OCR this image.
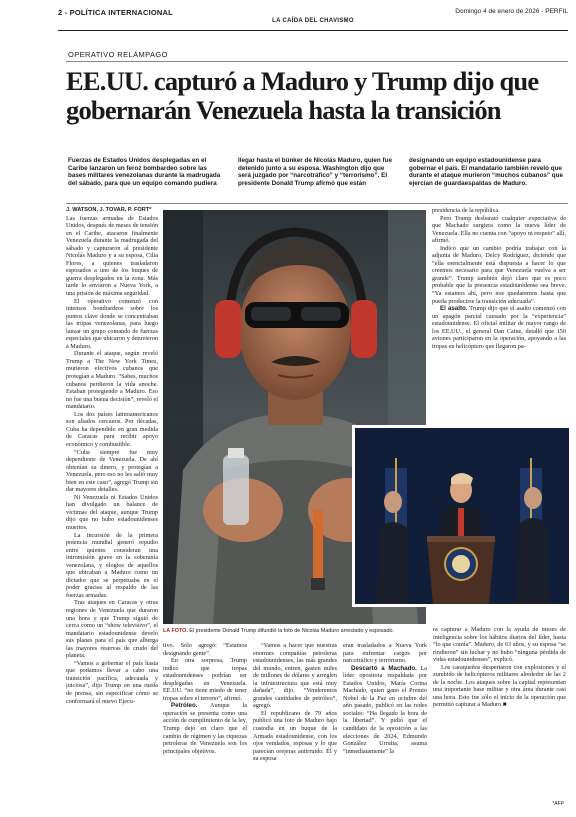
2 - POLÍTICA INTERNACIONAL
LA CAÍDA DEL CHAVISMO
Domingo 4 de enero de 2026 - PERFIL
OPERATIVO RELÁMPAGO
EE.UU. capturó a Maduro y Trump dijo que gobernarán Venezuela hasta la transición
Fuerzas de Estados Unidos desplegadas en el Caribe lanzaron un feroz bombardeo sobre las bases militares venezolanas durante la madrugada del sábado, para que un equipo comando pudiera
llegar hasta el búnker de Nicolás Maduro, quien fue detenido junto a su esposa. Washington dijo que será juzgado por “narcotráfico” y “terrorismo”. El presidente Donald Trump afirmó que están
designando un equipo estadounidense para gobernar el país. El mandatario también reveló que durante el ataque murieron “muchos cubanos” que ejercían de guardaespaldas de Maduro.

J. WATSON, J. TOVAR, P. FORT*

Las fuerzas armadas de Estados Unidos, después de meses de tensión en el Caribe, atacaron finalmente Venezuela durante la madrugada del sábado y capturaron al presidente Nicolás Maduro y a su esposa, Cilia Flores, a quienes trasladaron esposados a uno de los buques de guerra desplegados en la zona. Más tarde lo enviaron a Nueva York, a una prisión de máxima seguridad.

El operativo comenzó con intensos bombardeos sobre los puntos clave donde se concentraban las tropas venezolanas, para luego lanzar un grupo comando de fuerzas especiales que ubicaron y detuvieron a Maduro.

Durante el ataque, según reveló Trump a The New York Times, murieron efectivos cubanos que protegían a Maduro. “Sabes, muchos cubanos perdieron la vida anoche. Estaban protegiendo a Maduro. Eso no fue una buena decisión”, reveló el mandatario.

Los dos países latinoamericanos son aliados cercanos. Por décadas, Cuba ha dependido en gran medida de Caracas para recibir apoyo económico y combustible.

“Cuba siempre fue muy dependiente de Venezuela. De ahí obtenían su dinero, y protegían a Venezuela, pero eso no les salió muy bien en este caso”, agregó Trump sin dar mayores detalles.

Ni Venezuela ni Estados Unidos han divulgado un balance de víctimas del ataque, aunque Trump dijo que no hubo estadounidenses muertos.

La incursión de la primera potencia mundial generó repudio entre quienes consideran una intromisión grave en la soberanía venezolana, y elogios de aquellos que ubicaban a Maduro como un dictador que se perpetuaba en el poder gracias al respaldo de las fuerzas armadas.

Tras ataques en Caracas y otras regiones de Venezuela que duraron una hora y que Trump siguió de cerca como un “show televisivo”, el mandatario estadounidense develó sus planes para el país que alberga las mayores reservas de crudo del planeta.

“Vamos a gobernar el país hasta que podamos llevar a cabo una transición pacífica, adecuada y juiciosa”, dijo Trump en una rueda de prensa, sin especificar cómo se conformará el nuevo Ejecu-

LA FOTO. El presidente Donald Trump difundió la foto de Nicolás Maduro arrestado y esposado.

presidencia de la república.

Pero Trump desbarató cualquier expectativa de que Machado surgiera como la nueva líder de Venezuela. Ella no cuenta con “apoyo ni respeto” allí, afirmó.

Indicó que un cambio podría trabajar con la adjunta de Maduro, Delcy Rodríguez, diciendo que “ella esencialmente está dispuesta a hacer lo que creemos necesario para que Venezuela vuelva a ser grande”. Trump también dejó claro que es poco probable que la presencia estadounidense sea breve. “Ya estamos ahí, pero nos quedaremos hasta que pueda producirse la transición adecuada”.

El asalto. Trump dijo que el asalto comenzó con un apagón parcial causado por la “experiencia” estadounidense. El oficial militar de mayor rango de los EE.UU., el general Dan Caine, detalló que 150 aviones participaron en la operación, apoyando a las tropas en helicóptero que llegaron pa-

tivo. Sólo agregó: “Estamos designando gente”.

En otra sorpresa, Trump indicó que tropas estadounidenses podrían ser desplegadas en Venezuela. EE.UU. “no tiene miedo de tener tropas sobre el terreno”, afirmó.

Petróleo. Aunque la operación se presenta como una acción de cumplimiento de la ley, Trump dejó en claro que el cambio de régimen y las riquezas petroleras de Venezuela son los principales objetivos.

“Vamos a hacer que nuestras enormes compañías petroleras estadounidenses, las más grandes del mundo, entren, gasten miles de millones de dólares y arreglen la infraestructura que está muy dañada”, dijo. “Venderemos grandes cantidades de petróleo”, agregó.

El republicano de 79 años publicó una foto de Maduro bajo custodia en un buque de la Armada estadounidense, con los ojos vendados, esposas y lo que parecían orejeras antirruido. Él y su esposa

eran trasladados a Nueva York para enfrentar cargos por narcotráfico y terrorismo.

Descartó a Machado. La líder opositora respaldada por Estados Unidos, María Corina Machado, quien ganó el Premio Nobel de la Paz en octubre del año pasado, publicó en las redes sociales: “Ha llegado la hora de la libertad”. Y pidió que el candidato de la oposición a las elecciones de 2024, Edmundo González Urrutia, asuma “inmediatamente” la

ra capturar a Maduro con la ayuda de meses de inteligencia sobre los hábitos diarios del líder, hasta “lo que comía”. Maduro, de 63 años, y su esposa “se rindieron” sin luchar y no hubo “ninguna pérdida de vidas estadounidenses”, explicó.

Los caraqueños despertaron con explosiones y el zumbido de helicópteros militares alrededor de las 2 de la noche. Los ataques sobre la capital representan una importante base militar y otra área durante casi una hora. Esto fue sólo el inicio de la operación que permitió capturar a Maduro.■

*AFP
